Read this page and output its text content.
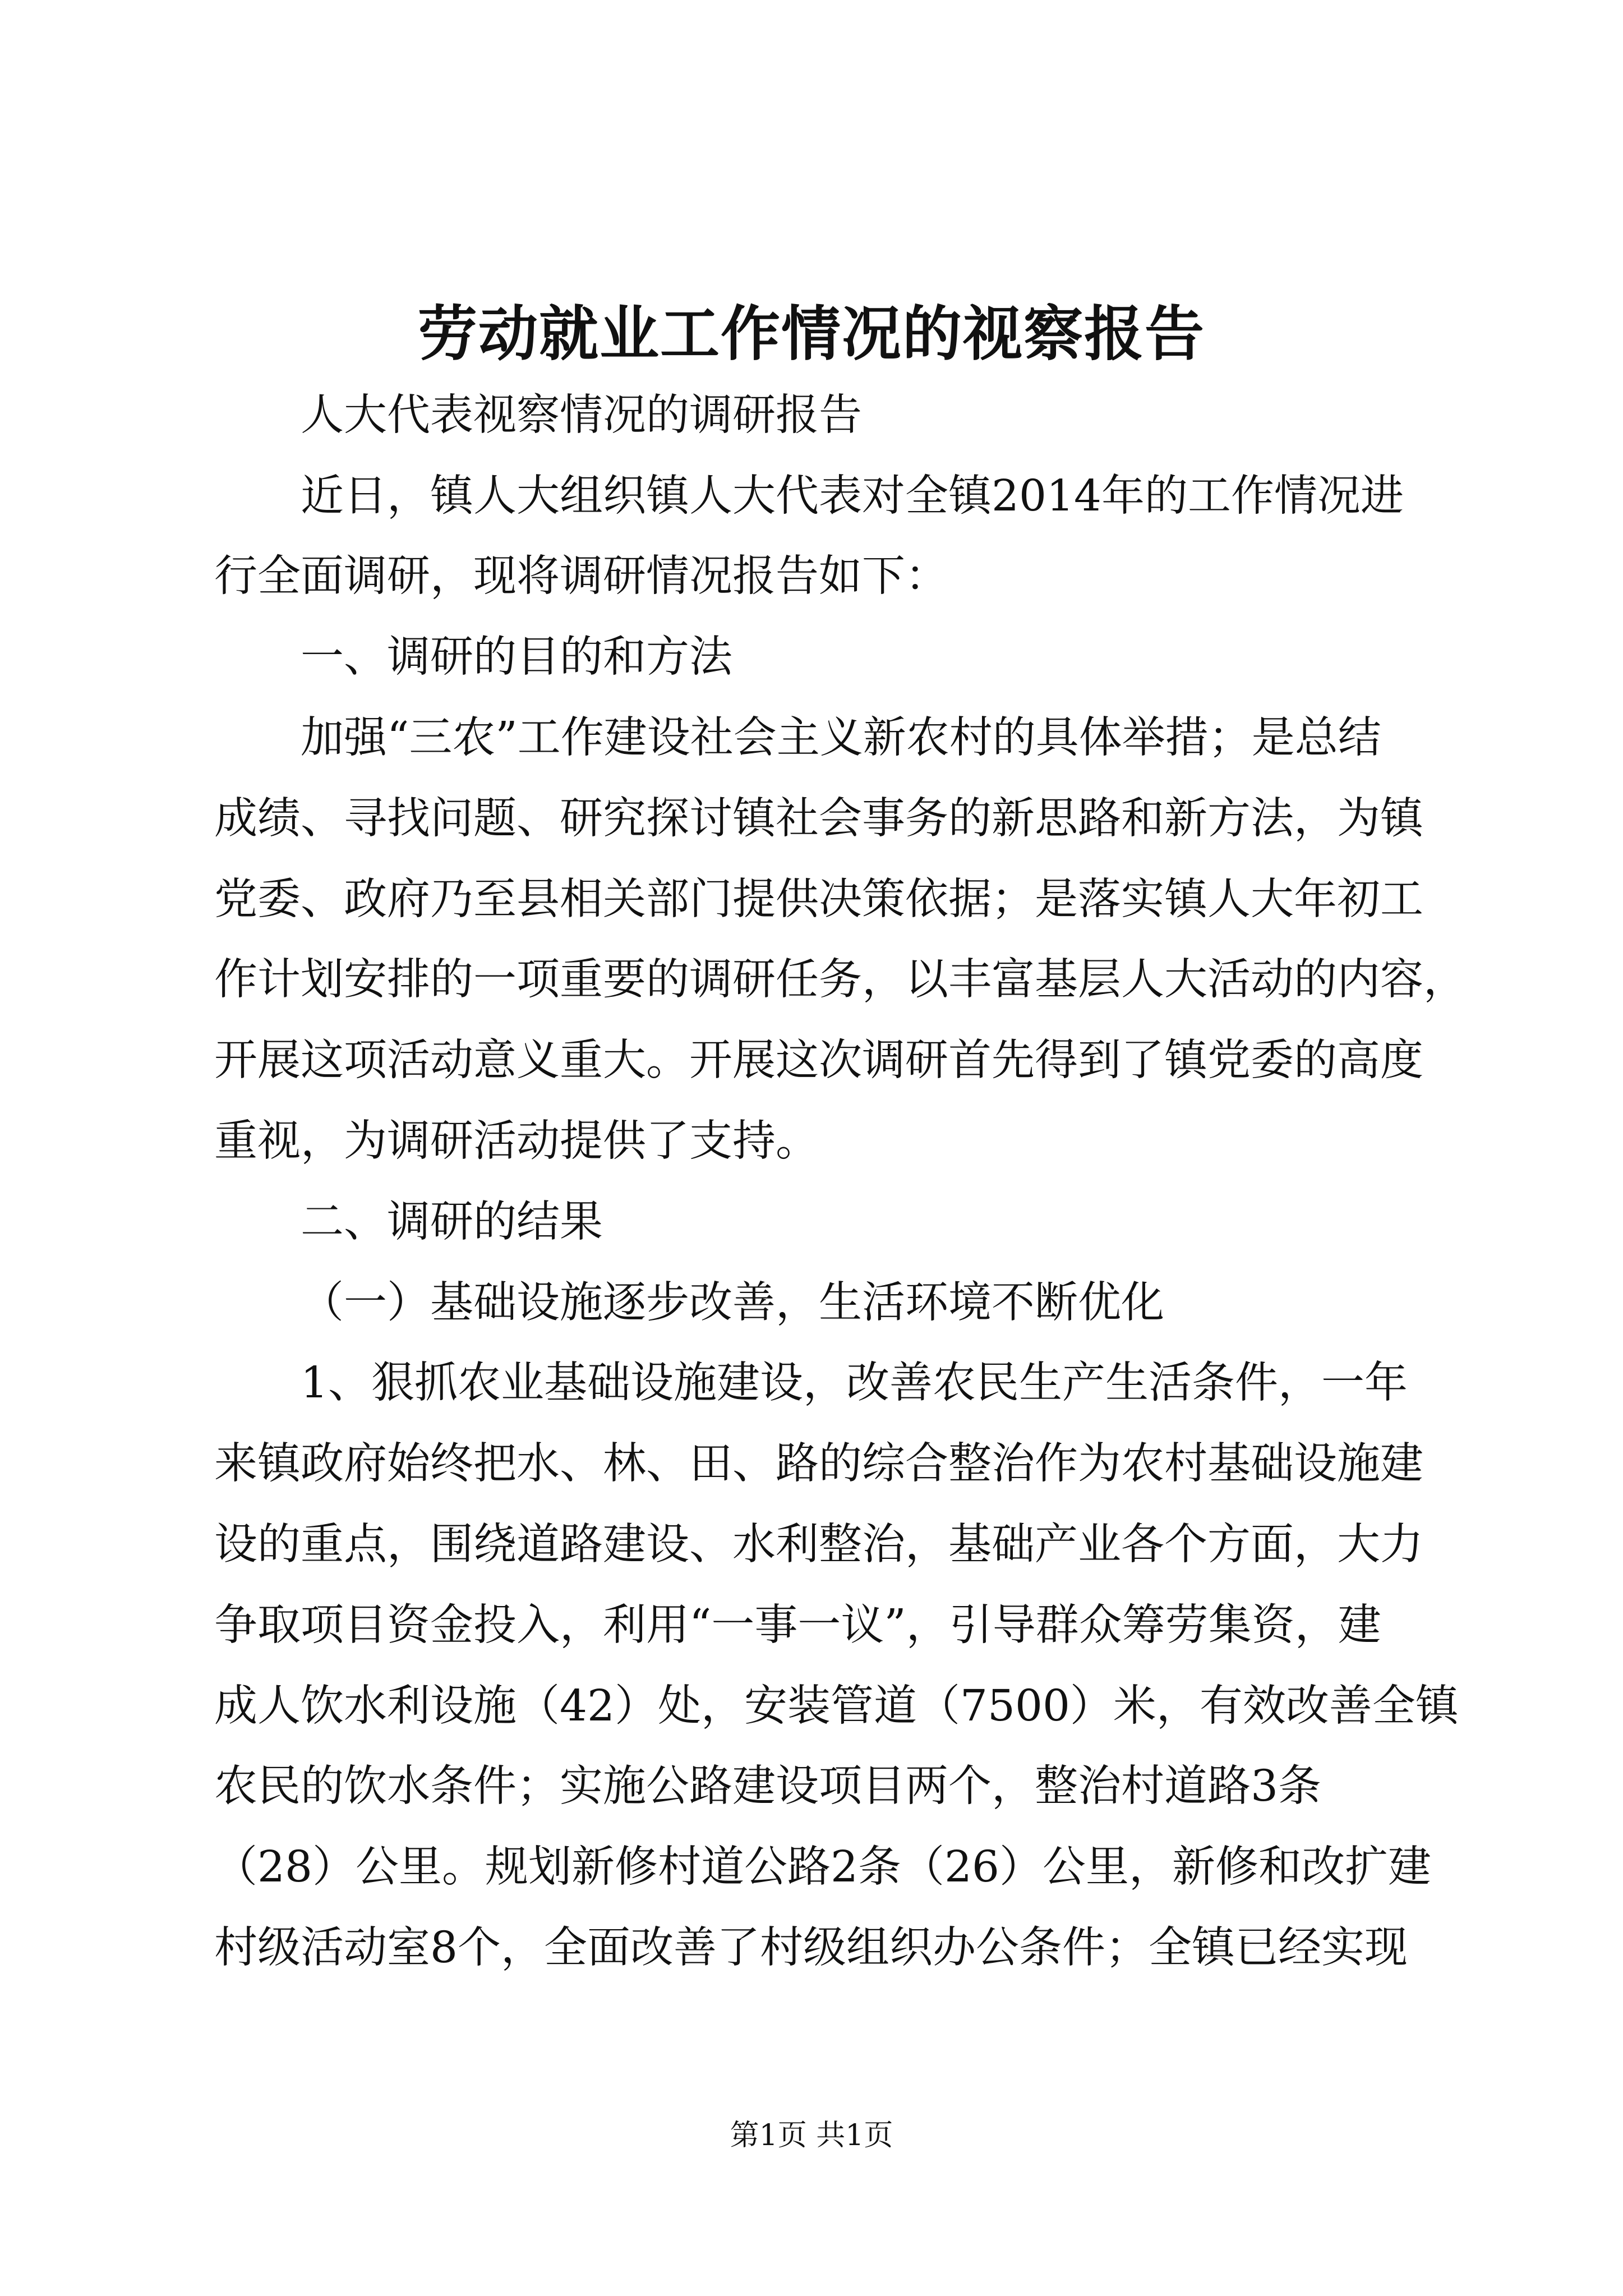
劳动就业工作情况的视察报告
人大代表视察情况的调研报告
近日，镇人大组织镇人大代表对全镇2014年的工作情况进
行全面调研，现将调研情况报告如下：
一、调研的目的和方法
加强“三农”工作建设社会主义新农村的具体举措；是总结
成绩、寻找问题、研究探讨镇社会事务的新思路和新方法，为镇
党委、政府乃至县相关部门提供决策依据；是落实镇人大年初工
作计划安排的一项重要的调研任务，以丰富基层人大活动的内容，
开展这项活动意义重大。开展这次调研首先得到了镇党委的高度
重视，为调研活动提供了支持。
二、调研的结果
（一）基础设施逐步改善，生活环境不断优化
1、狠抓农业基础设施建设，改善农民生产生活条件，一年
来镇政府始终把水、林、田、路的综合整治作为农村基础设施建
设的重点，围绕道路建设、水利整治，基础产业各个方面，大力
争取项目资金投入，利用“一事一议”，引导群众筹劳集资，建
成人饮水利设施（42）处，安装管道（7500）米，有效改善全镇
农民的饮水条件；实施公路建设项目两个，整治村道路3条
（28）公里。规划新修村道公路2条（26）公里，新修和改扩建
村级活动室8个，全面改善了村级组织办公条件；全镇已经实现
第1页 共1页
